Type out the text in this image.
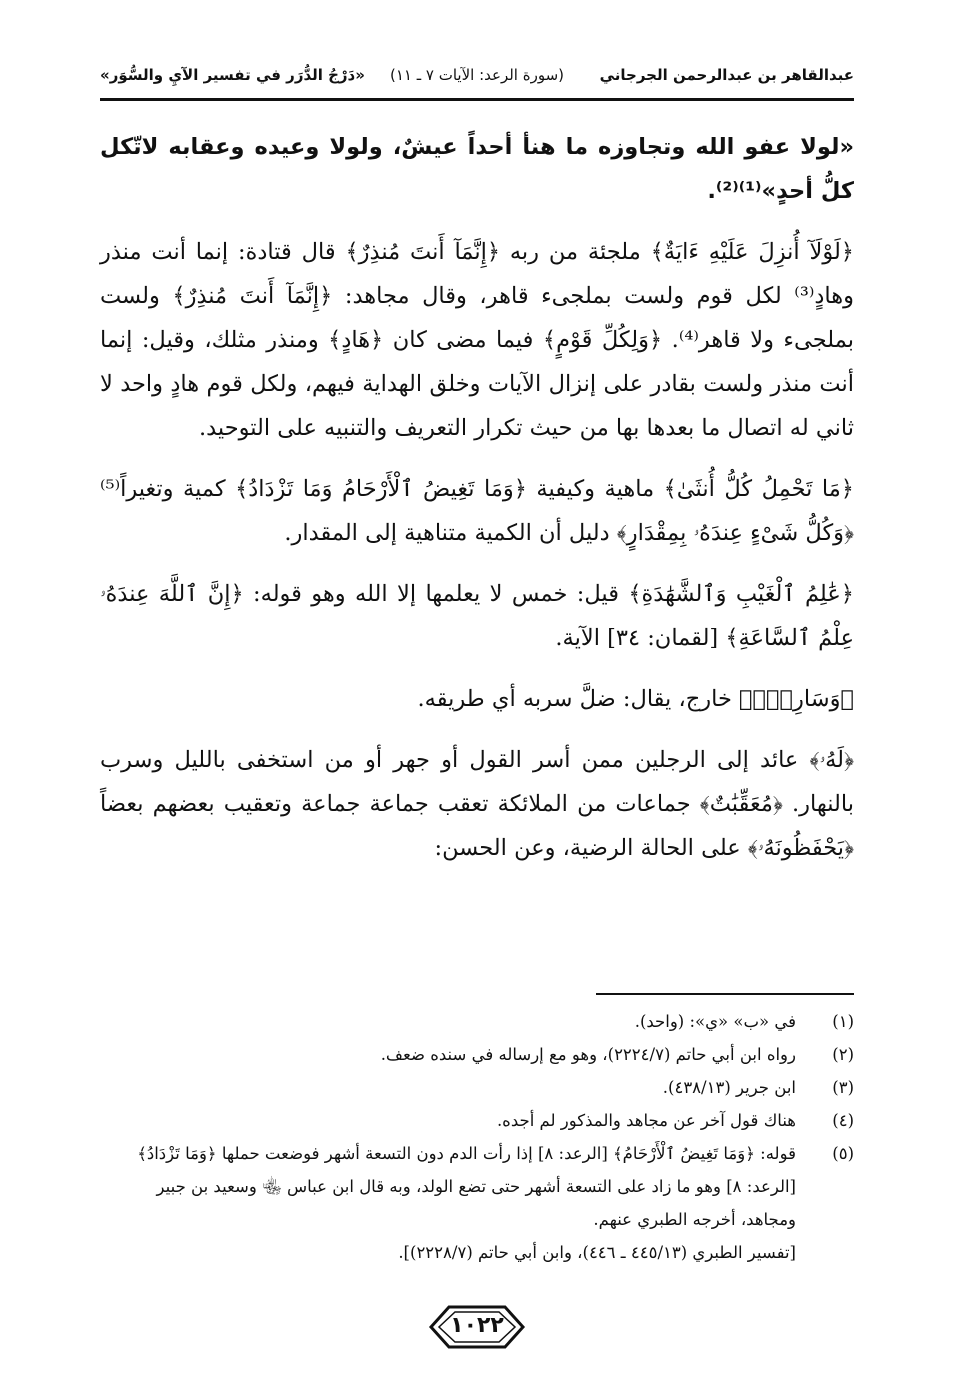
عبدالقاهر بن عبدالرحمن الجرجاني
(سورة الرعد: الآيات ٧ ـ ١١)
«دَرْجُ الدُّرَر في تفسير الآيِ والسُّوَر»

«لولا عفو الله وتجاوزه ما هنأ أحداً عيشٌ، ولولا وعيده وعقابه لاتّكل كلُّ أحدٍ»⁽¹⁾⁽²⁾.

﴿لَوْلَآ أُنزِلَ عَلَيْهِ ءَايَةٌ﴾ ملجئة من ربه ﴿إِنَّمَآ أَنتَ مُنذِرٌ﴾ قال قتادة: إنما أنت منذر وهادٍ⁽³⁾ لكل قوم ولست بملجىء قاهر، وقال مجاهد: ﴿إِنَّمَآ أَنتَ مُنذِرٌ﴾ ولست بملجىء ولا قاهر⁽⁴⁾. ﴿وَلِكُلِّ قَوْمٍ﴾ فيما مضى كان ﴿هَادٍ﴾ ومنذر مثلك، وقيل: إنما أنت منذر ولست بقادر على إنزال الآيات وخلق الهداية فيهم، ولكل قوم هادٍ واحد لا ثاني له اتصال ما بعدها بها من حيث تكرار التعريف والتنبيه على التوحيد.

﴿مَا تَحْمِلُ كُلُّ أُنثَىٰ﴾ ماهية وكيفية ﴿وَمَا تَغِيضُ ٱلْأَرْحَامُ وَمَا تَزْدَادُ﴾ كمية وتغيراً⁽⁵⁾ ﴿وَكُلُّ شَىْءٍ عِندَهُۥ بِمِقْدَارٍ﴾ دليل أن الكمية متناهية إلى المقدار.

﴿عَٰلِمُ ٱلْغَيْبِ وَٱلشَّهَٰدَةِ﴾ قيل: خمس لا يعلمها إلا الله وهو قوله: ﴿إِنَّ ٱللَّهَ عِندَهُۥ عِلْمُ ٱلسَّاعَةِ﴾ [لقمان: ٣٤] الآية.

﴿وَسَارِبٌۢ﴾ خارج، يقال: ضلَّ سربه أي طريقه.

﴿لَهُۥ﴾ عائد إلى الرجلين ممن أسر القول أو جهر أو من استخفى بالليل وسرب بالنهار. ﴿مُعَقِّبَٰتٌ﴾ جماعات من الملائكة تعقب جماعة جماعة وتعقيب بعضهم بعضاً ﴿يَحْفَظُونَهُۥ﴾ على الحالة الرضية، وعن الحسن:

(١)
في «ب» «ي»: (واحد).
(٢)
رواه ابن أبي حاتم (٢٢٢٤/٧)، وهو مع إرساله في سنده ضعف.
(٣)
ابن جرير (٤٣٨/١٣).
(٤)
هناك قول آخر عن مجاهد والمذكور لم أجده.
(٥)
قوله: ﴿وَمَا تَغِيضُ ٱلْأَرْحَامُ﴾ [الرعد: ٨] إذا رأت الدم دون التسعة أشهر فوضعت حملها ﴿وَمَا تَزْدَادُ﴾ [الرعد: ٨] وهو ما زاد على التسعة أشهر حتى تضع الولد، وبه قال ابن عباس ﵄ وسعيد بن جبير ومجاهد، أخرجه الطبري عنهم.
[تفسير الطبري (٤٤٥/١٣ ـ ٤٤٦)، وابن أبي حاتم (٢٢٢٨/٧)].
١٠٢٢
